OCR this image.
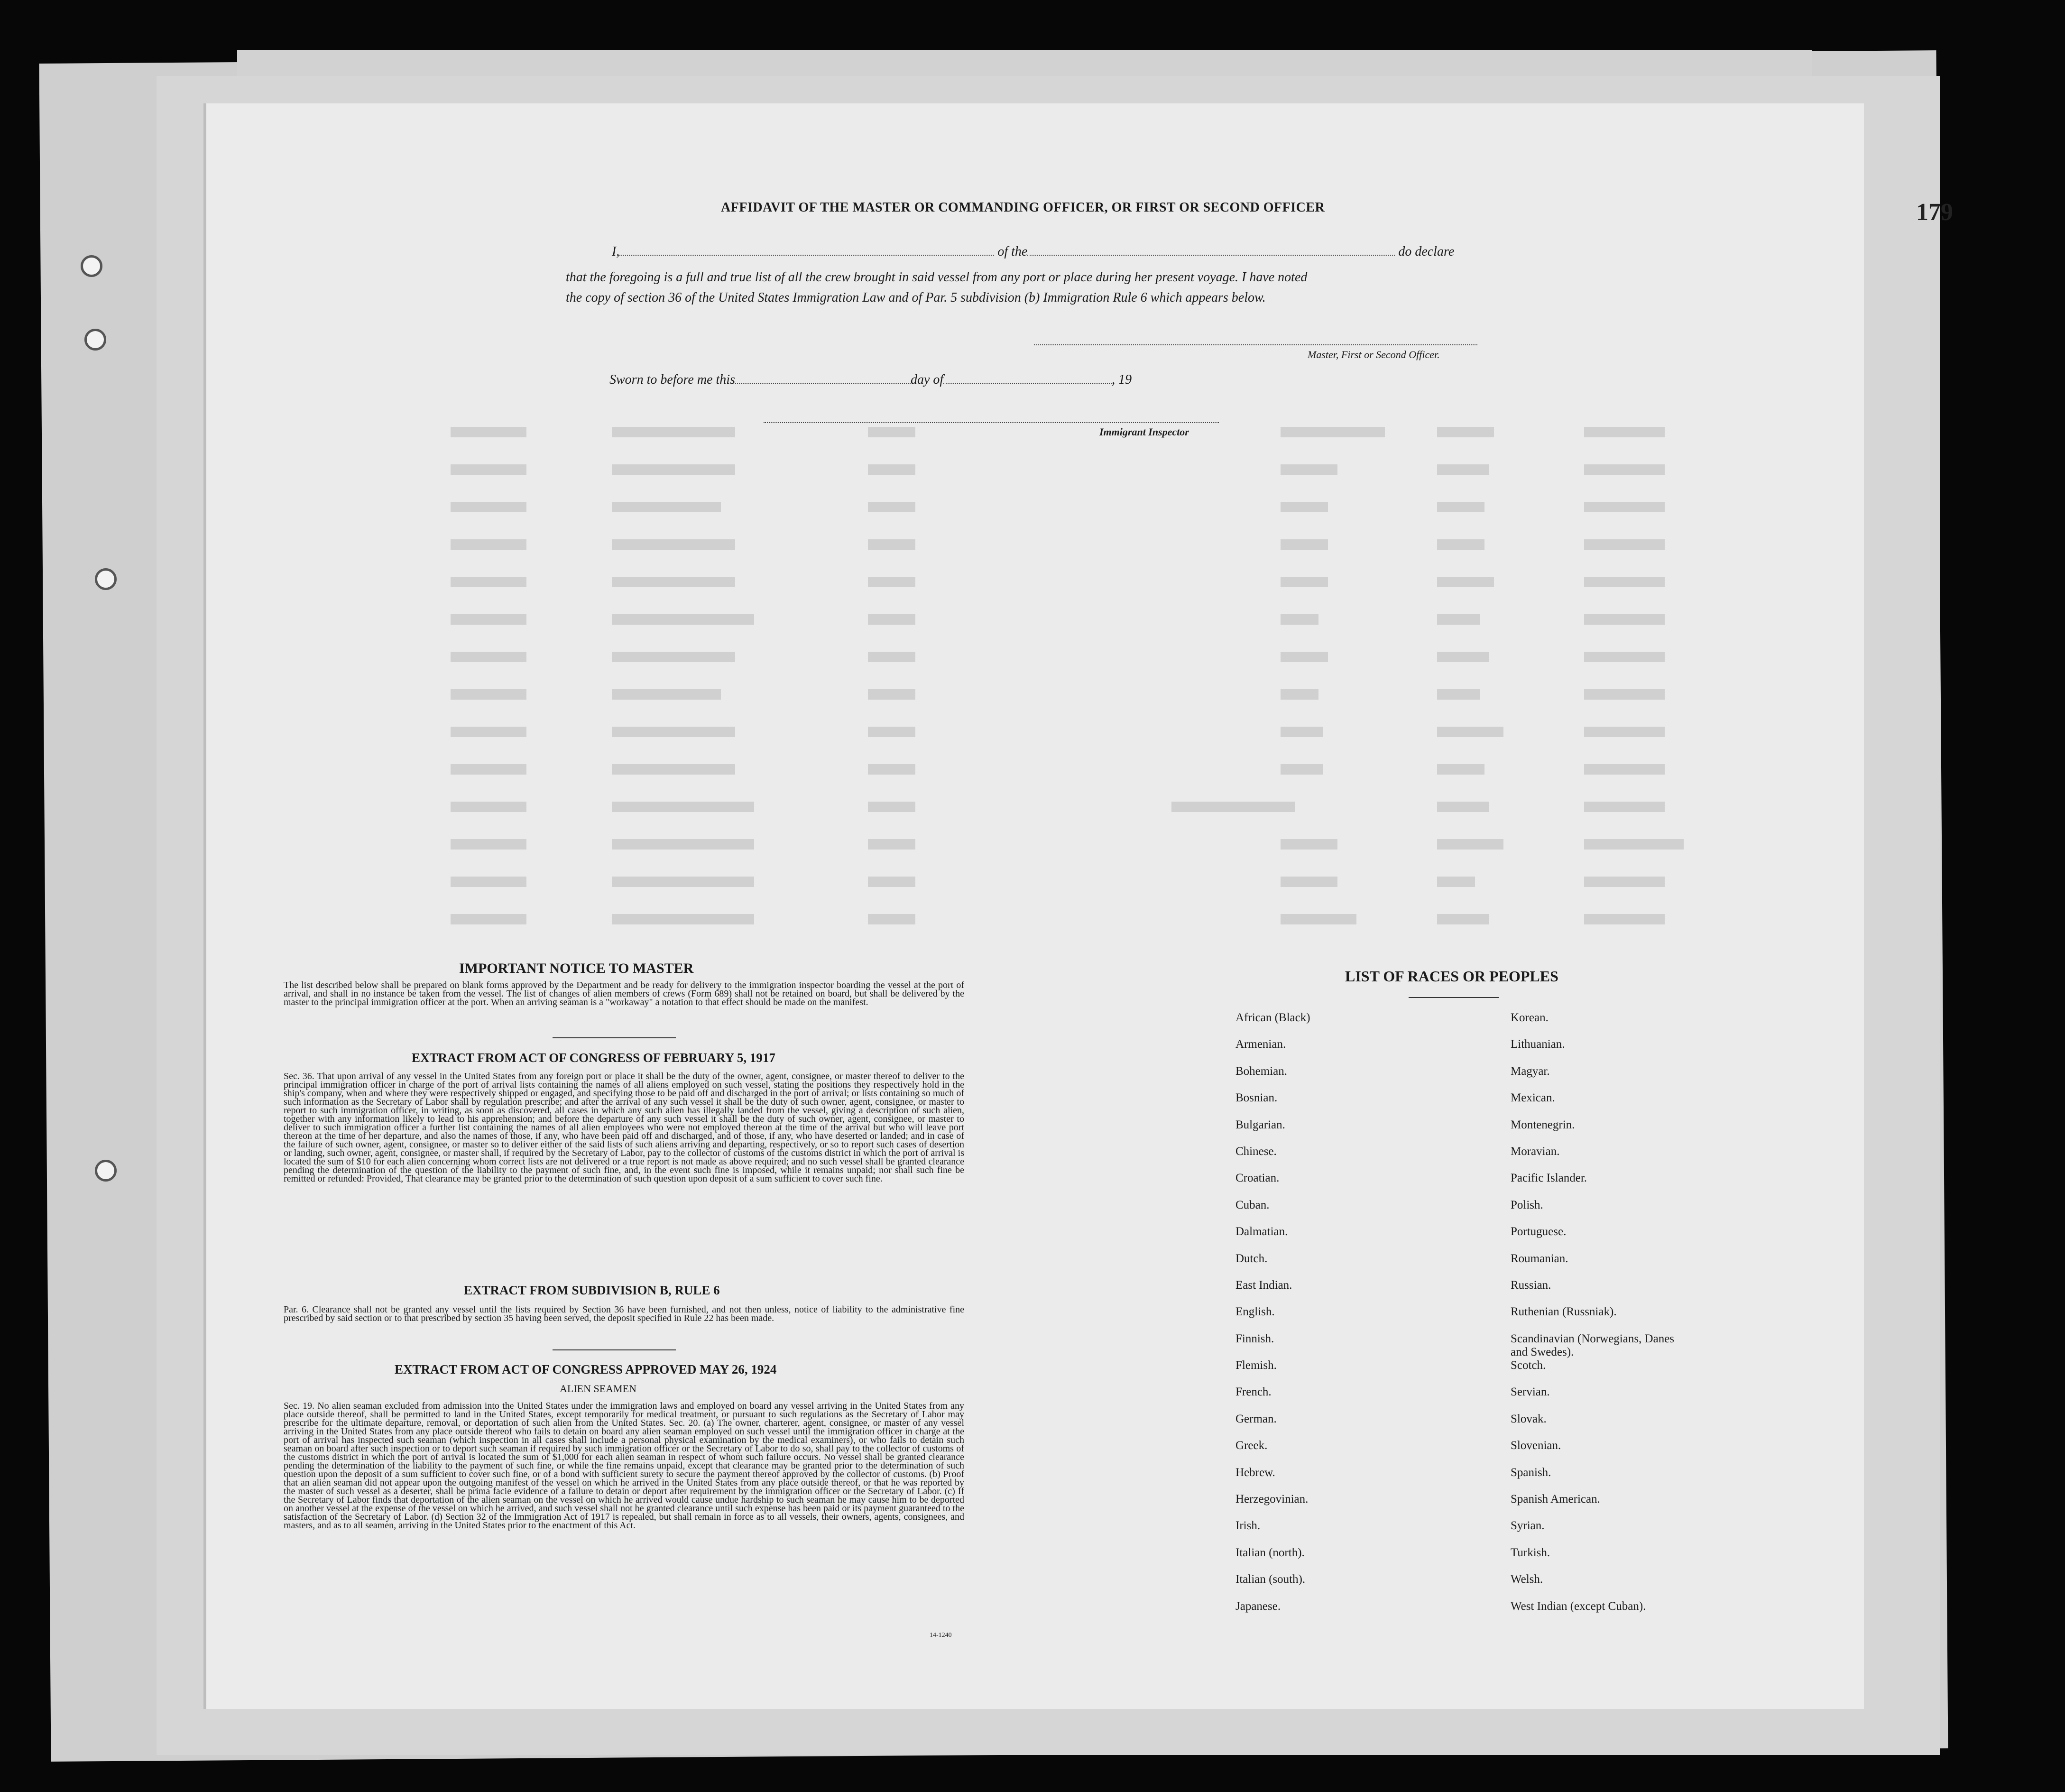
179
AFFIDAVIT OF THE MASTER OR COMMANDING OFFICER, OR FIRST OR SECOND OFFICER
I,	of the	do declare
that the foregoing is a full and true list of all the crew brought in said vessel from any port or place during her present voyage. I have noted
the copy of section 36 of the United States Immigration Law and of Par. 5 subdivision (b) Immigration Rule 6 which appears below.
Master, First or Second Officer.
Sworn to before me this	day of	, 19
Immigrant Inspector
IMPORTANT NOTICE TO MASTER
The list described below shall be prepared on blank forms approved by the Department and be ready for delivery to the immigration inspector boarding the vessel at the port of arrival, and shall in no instance be taken from the vessel. The list of changes of alien members of crews (Form 689) shall not be retained on board, but shall be delivered by the master to the principal immigration officer at the port. When an arriving seaman is a "workaway" a notation to that effect should be made on the manifest.
EXTRACT FROM ACT OF CONGRESS OF FEBRUARY 5, 1917
Sec. 36. That upon arrival of any vessel in the United States from any foreign port or place it shall be the duty of the owner, agent, consignee, or master thereof to deliver to the principal immigration officer in charge of the port of arrival lists containing the names of all aliens employed on such vessel, stating the positions they respectively hold in the ship's company, when and where they were respectively shipped or engaged, and specifying those to be paid off and discharged in the port of arrival; or lists containing so much of such information as the Secretary of Labor shall by regulation prescribe; and after the arrival of any such vessel it shall be the duty of such owner, agent, consignee, or master to report to such immigration officer, in writing, as soon as discovered, all cases in which any such alien has illegally landed from the vessel, giving a description of such alien, together with any information likely to lead to his apprehension; and before the departure of any such vessel it shall be the duty of such owner, agent, consignee, or master to deliver to such immigration officer a further list containing the names of all alien employees who were not employed thereon at the time of the arrival but who will leave port thereon at the time of her departure, and also the names of those, if any, who have been paid off and discharged, and of those, if any, who have deserted or landed; and in case of the failure of such owner, agent, consignee, or master so to deliver either of the said lists of such aliens arriving and departing, respectively, or so to report such cases of desertion or landing, such owner, agent, consignee, or master shall, if required by the Secretary of Labor, pay to the collector of customs of the customs district in which the port of arrival is located the sum of $10 for each alien concerning whom correct lists are not delivered or a true report is not made as above required; and no such vessel shall be granted clearance pending the determination of the question of the liability to the payment of such fine, and, in the event such fine is imposed, while it remains unpaid; nor shall such fine be remitted or refunded: Provided, That clearance may be granted prior to the determination of such question upon deposit of a sum sufficient to cover such fine.
EXTRACT FROM SUBDIVISION B, RULE 6
Par. 6. Clearance shall not be granted any vessel until the lists required by Section 36 have been furnished, and not then unless, notice of liability to the administrative fine prescribed by said section or to that prescribed by section 35 having been served, the deposit specified in Rule 22 has been made.
EXTRACT FROM ACT OF CONGRESS APPROVED MAY 26, 1924
ALIEN SEAMEN
Sec. 19. No alien seaman excluded from admission into the United States under the immigration laws and employed on board any vessel arriving in the United States from any place outside thereof, shall be permitted to land in the United States, except temporarily for medical treatment, or pursuant to such regulations as the Secretary of Labor may prescribe for the ultimate departure, removal, or deportation of such alien from the United States. Sec. 20. (a) The owner, charterer, agent, consignee, or master of any vessel arriving in the United States from any place outside thereof who fails to detain on board any alien seaman employed on such vessel until the immigration officer in charge at the port of arrival has inspected such seaman (which inspection in all cases shall include a personal physical examination by the medical examiners), or who fails to detain such seaman on board after such inspection or to deport such seaman if required by such immigration officer or the Secretary of Labor to do so, shall pay to the collector of customs of the customs district in which the port of arrival is located the sum of $1,000 for each alien seaman in respect of whom such failure occurs. No vessel shall be granted clearance pending the determination of the liability to the payment of such fine, or while the fine remains unpaid, except that clearance may be granted prior to the determination of such question upon the deposit of a sum sufficient to cover such fine, or of a bond with sufficient surety to secure the payment thereof approved by the collector of customs. (b) Proof that an alien seaman did not appear upon the outgoing manifest of the vessel on which he arrived in the United States from any place outside thereof, or that he was reported by the master of such vessel as a deserter, shall be prima facie evidence of a failure to detain or deport after requirement by the immigration officer or the Secretary of Labor. (c) If the Secretary of Labor finds that deportation of the alien seaman on the vessel on which he arrived would cause undue hardship to such seaman he may cause him to be deported on another vessel at the expense of the vessel on which he arrived, and such vessel shall not be granted clearance until such expense has been paid or its payment guaranteed to the satisfaction of the Secretary of Labor. (d) Section 32 of the Immigration Act of 1917 is repealed, but shall remain in force as to all vessels, their owners, agents, consignees, and masters, and as to all seamen, arriving in the United States prior to the enactment of this Act.
14-1240
LIST OF RACES OR PEOPLES
African (Black)
Armenian.
Bohemian.
Bosnian.
Bulgarian.
Chinese.
Croatian.
Cuban.
Dalmatian.
Dutch.
East Indian.
English.
Finnish.
Flemish.
French.
German.
Greek.
Hebrew.
Herzegovinian.
Irish.
Italian (north).
Italian (south).
Japanese.
Korean.
Lithuanian.
Magyar.
Mexican.
Montenegrin.
Moravian.
Pacific Islander.
Polish.
Portuguese.
Roumanian.
Russian.
Ruthenian (Russniak).
Scandinavian (Norwegians, Danes and Swedes).
Scotch.
Servian.
Slovak.
Slovenian.
Spanish.
Spanish American.
Syrian.
Turkish.
Welsh.
West Indian (except Cuban).
